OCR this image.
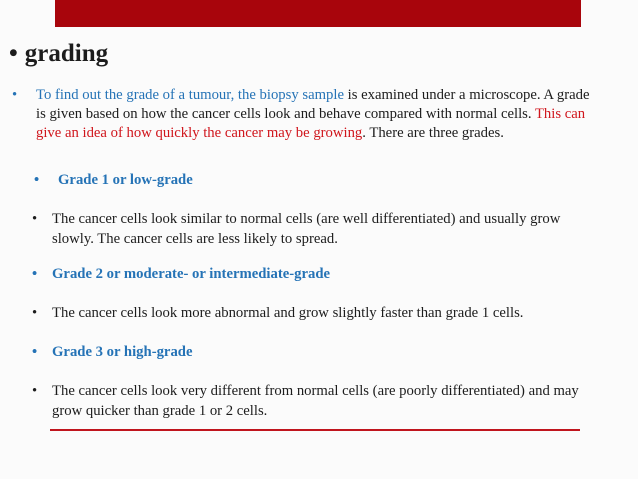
• grading
• To find out the grade of a tumour, the biopsy sample is examined under a microscope. A grade is given based on how the cancer cells look and behave compared with normal cells. This can give an idea of how quickly the cancer may be growing. There are three grades.

• Grade 1 or low-grade

• The cancer cells look similar to normal cells (are well differentiated) and usually grow slowly. The cancer cells are less likely to spread.

• Grade 2 or moderate- or intermediate-grade

• The cancer cells look more abnormal and grow slightly faster than grade 1 cells.

• Grade 3 or high-grade

• The cancer cells look very different from normal cells (are poorly differentiated) and may grow quicker than grade 1 or 2 cells.
